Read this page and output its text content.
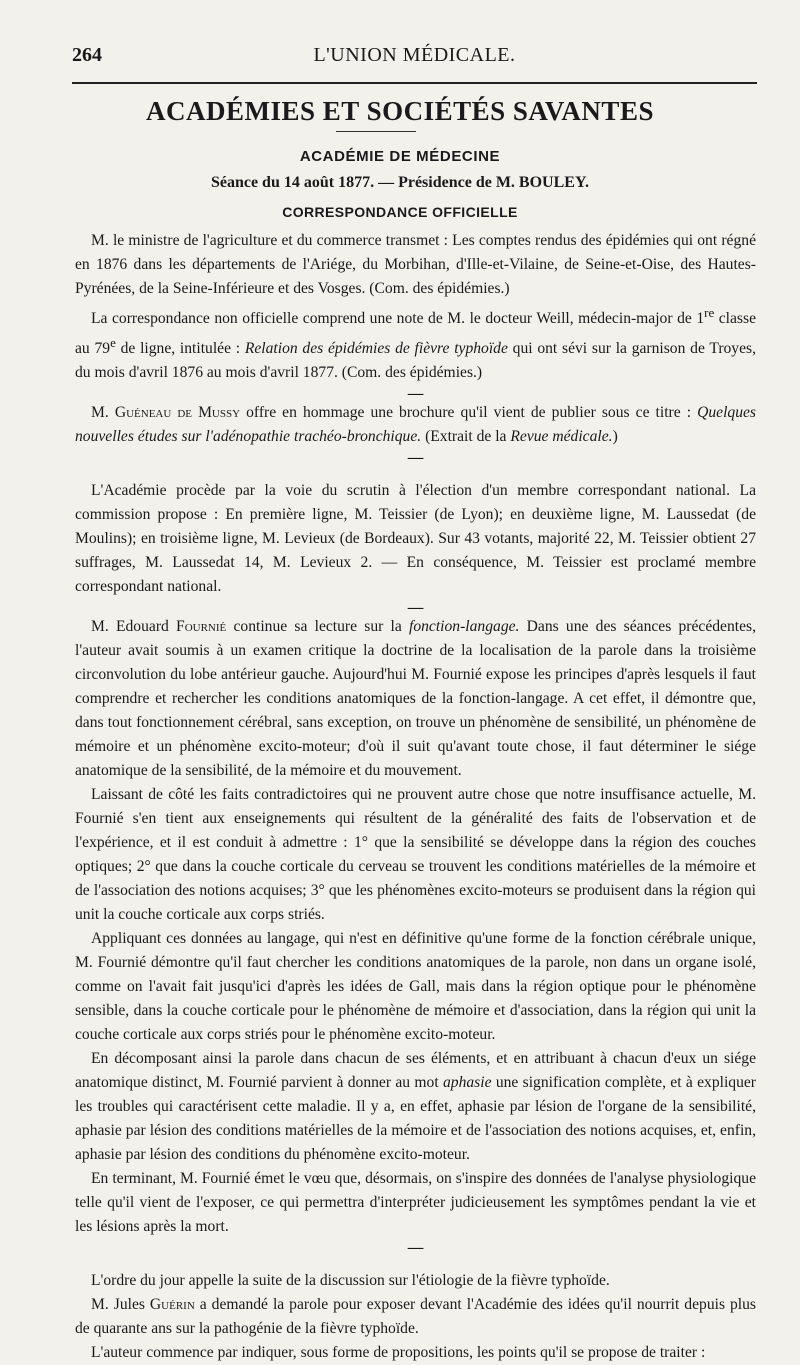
264	L'UNION MÉDICALE.
ACADÉMIES ET SOCIÉTÉS SAVANTES
ACADÉMIE DE MÉDECINE
Séance du 14 août 1877. — Présidence de M. BOULEY.
CORRESPONDANCE OFFICIELLE

M. le ministre de l'agriculture et du commerce transmet : Les comptes rendus des épidémies qui ont régné en 1876 dans les départements de l'Ariége, du Morbihan, d'Ille-et-Vilaine, de Seine-et-Oise, des Hautes-Pyrénées, de la Seine-Inférieure et des Vosges. (Com. des épidémies.)

La correspondance non officielle comprend une note de M. le docteur Weill, médecin-major de 1re classe au 79e de ligne, intitulée : Relation des épidémies de fièvre typhoïde qui ont sévi sur la garnison de Troyes, du mois d'avril 1876 au mois d'avril 1877. (Com. des épidémies.)

—

M. Guéneau de Mussy offre en hommage une brochure qu'il vient de publier sous ce titre : Quelques nouvelles études sur l'adénopathie trachéo-bronchique. (Extrait de la Revue médicale.)

—

L'Académie procède par la voie du scrutin à l'élection d'un membre correspondant national. La commission propose : En première ligne, M. Teissier (de Lyon); en deuxième ligne, M. Laussedat (de Moulins); en troisième ligne, M. Levieux (de Bordeaux). Sur 43 votants, majorité 22, M. Teissier obtient 27 suffrages, M. Laussedat 14, M. Levieux 2. — En conséquence, M. Teissier est proclamé membre correspondant national.

—

M. Edouard Fournié continue sa lecture sur la fonction-langage. Dans une des séances précédentes, l'auteur avait soumis à un examen critique la doctrine de la localisation de la parole dans la troisième circonvolution du lobe antérieur gauche. Aujourd'hui M. Fournié expose les principes d'après lesquels il faut comprendre et rechercher les conditions anatomiques de la fonction-langage. A cet effet, il démontre que, dans tout fonctionnement cérébral, sans exception, on trouve un phénomène de sensibilité, un phénomène de mémoire et un phénomène excito-moteur; d'où il suit qu'avant toute chose, il faut déterminer le siége anatomique de la sensibilité, de la mémoire et du mouvement.

Laissant de côté les faits contradictoires qui ne prouvent autre chose que notre insuffisance actuelle, M. Fournié s'en tient aux enseignements qui résultent de la généralité des faits de l'observation et de l'expérience, et il est conduit à admettre : 1° que la sensibilité se développe dans la région des couches optiques; 2° que dans la couche corticale du cerveau se trouvent les conditions matérielles de la mémoire et de l'association des notions acquises; 3° que les phénomènes excito-moteurs se produisent dans la région qui unit la couche corticale aux corps striés.

Appliquant ces données au langage, qui n'est en définitive qu'une forme de la fonction cérébrale unique, M. Fournié démontre qu'il faut chercher les conditions anatomiques de la parole, non dans un organe isolé, comme on l'avait fait jusqu'ici d'après les idées de Gall, mais dans la région optique pour le phénomène sensible, dans la couche corticale pour le phénomène de mémoire et d'association, dans la région qui unit la couche corticale aux corps striés pour le phénomène excito-moteur.

En décomposant ainsi la parole dans chacun de ses éléments, et en attribuant à chacun d'eux un siége anatomique distinct, M. Fournié parvient à donner au mot aphasie une signification complète, et à expliquer les troubles qui caractérisent cette maladie. Il y a, en effet, aphasie par lésion de l'organe de la sensibilité, aphasie par lésion des conditions matérielles de la mémoire et de l'association des notions acquises, et, enfin, aphasie par lésion des conditions du phénomène excito-moteur.

En terminant, M. Fournié émet le vœu que, désormais, on s'inspire des données de l'analyse physiologique telle qu'il vient de l'exposer, ce qui permettra d'interpréter judicieusement les symptômes pendant la vie et les lésions après la mort.

—

L'ordre du jour appelle la suite de la discussion sur l'étiologie de la fièvre typhoïde.

M. Jules Guérin a demandé la parole pour exposer devant l'Académie des idées qu'il nourrit depuis plus de quarante ans sur la pathogénie de la fièvre typhoïde.

L'auteur commence par indiquer, sous forme de propositions, les points qu'il se propose de traiter :
